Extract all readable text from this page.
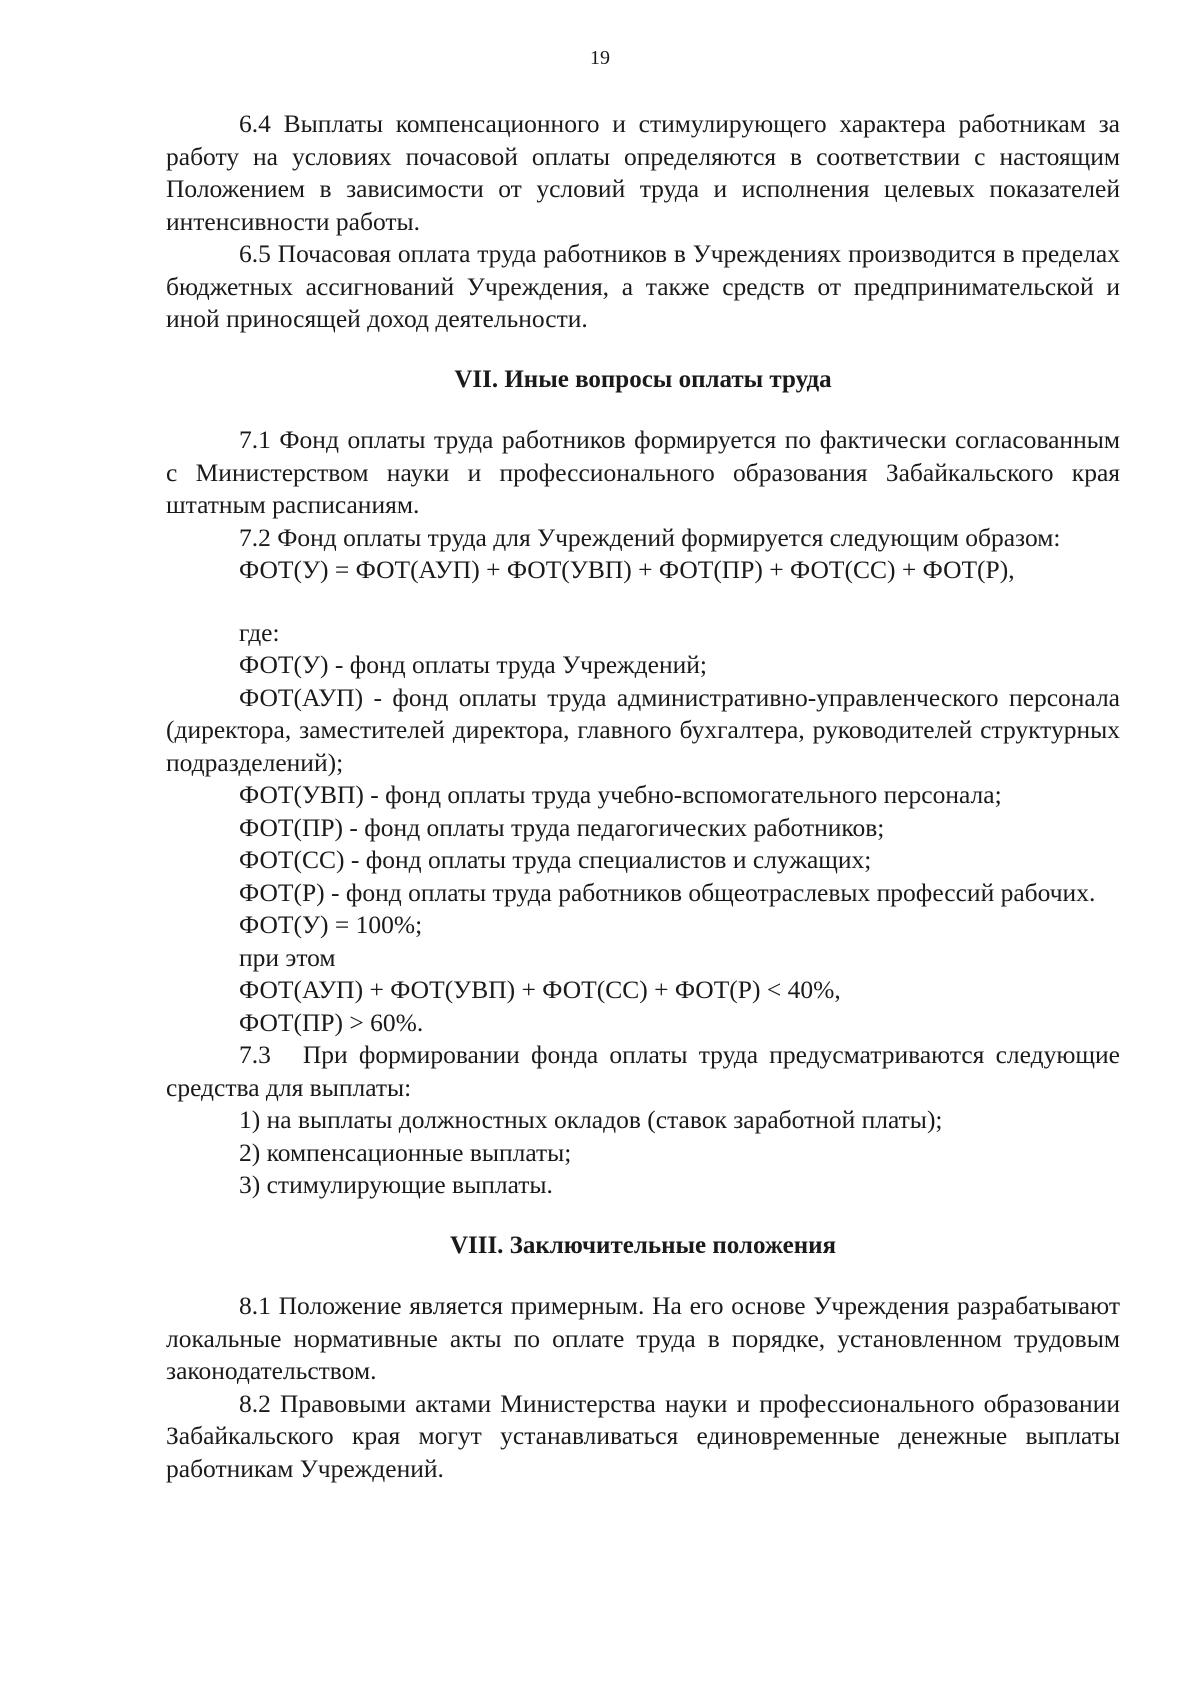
19

6.4 Выплаты компенсационного и стимулирующего характера работникам за работу на условиях почасовой оплаты определяются в соответствии с настоящим Положением в зависимости от условий труда и исполнения целевых показателей интенсивности работы.

6.5 Почасовая оплата труда работников в Учреждениях производится в пределах бюджетных ассигнований Учреждения, а также средств от предпринимательской и иной приносящей доход деятельности.

VII. Иные вопросы оплаты труда

7.1 Фонд оплаты труда работников формируется по фактически согласованным с Министерством науки и профессионального образования Забайкальского края штатным расписаниям.

7.2 Фонд оплаты труда для Учреждений формируется следующим образом:

ФОТ(У) = ФОТ(АУП) + ФОТ(УВП) + ФОТ(ПР) + ФОТ(СС) + ФОТ(Р),

где:

ФОТ(У) - фонд оплаты труда Учреждений;

ФОТ(АУП) - фонд оплаты труда административно-управленческого персонала (директора, заместителей директора, главного бухгалтера, руководителей структурных подразделений);

ФОТ(УВП) - фонд оплаты труда учебно-вспомогательного персонала;

ФОТ(ПР) - фонд оплаты труда педагогических работников;

ФОТ(СС) - фонд оплаты труда специалистов и служащих;

ФОТ(Р) - фонд оплаты труда работников общеотраслевых профессий рабочих.

ФОТ(У) = 100%;

при этом

ФОТ(АУП) + ФОТ(УВП) + ФОТ(СС) + ФОТ(Р) < 40%,

ФОТ(ПР) > 60%.

7.3 При формировании фонда оплаты труда предусматриваются следующие средства для выплаты:

1) на выплаты должностных окладов (ставок заработной платы);

2) компенсационные выплаты;

3) стимулирующие выплаты.

VIII. Заключительные положения

8.1 Положение является примерным. На его основе Учреждения разрабатывают локальные нормативные акты по оплате труда в порядке, установленном трудовым законодательством.

8.2 Правовыми актами Министерства науки и профессионального образовании Забайкальского края могут устанавливаться единовременные денежные выплаты работникам Учреждений.
